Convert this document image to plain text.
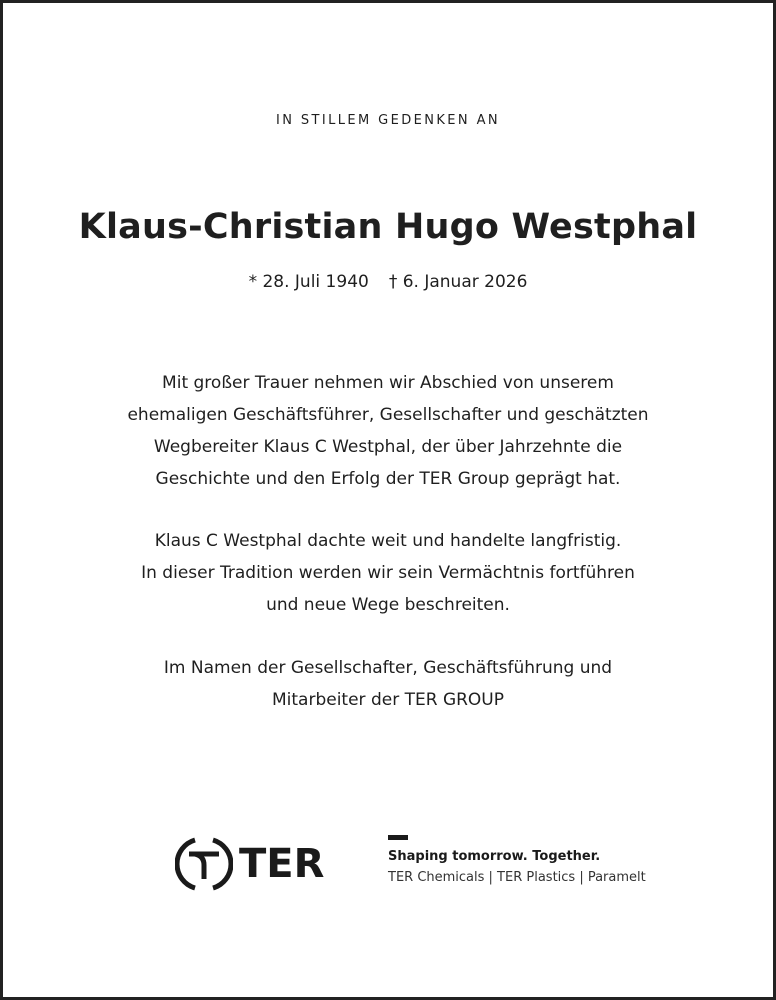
IN STILLEM GEDENKEN AN
Klaus-Christian Hugo Westphal
* 28. Juli 1940 † 6. Januar 2026
Mit großer Trauer nehmen wir Abschied von unserem
ehemaligen Geschäftsführer, Gesellschafter und geschätzten
Wegbereiter Klaus C Westphal, der über Jahrzehnte die
Geschichte und den Erfolg der TER Group geprägt hat.
Klaus C Westphal dachte weit und handelte langfristig.
In dieser Tradition werden wir sein Vermächtnis fortführen
und neue Wege beschreiten.
Im Namen der Gesellschafter, Geschäftsführung und
Mitarbeiter der TER GROUP
TER	Shaping tomorrow. Together.
TER Chemicals | TER Plastics | Paramelt
